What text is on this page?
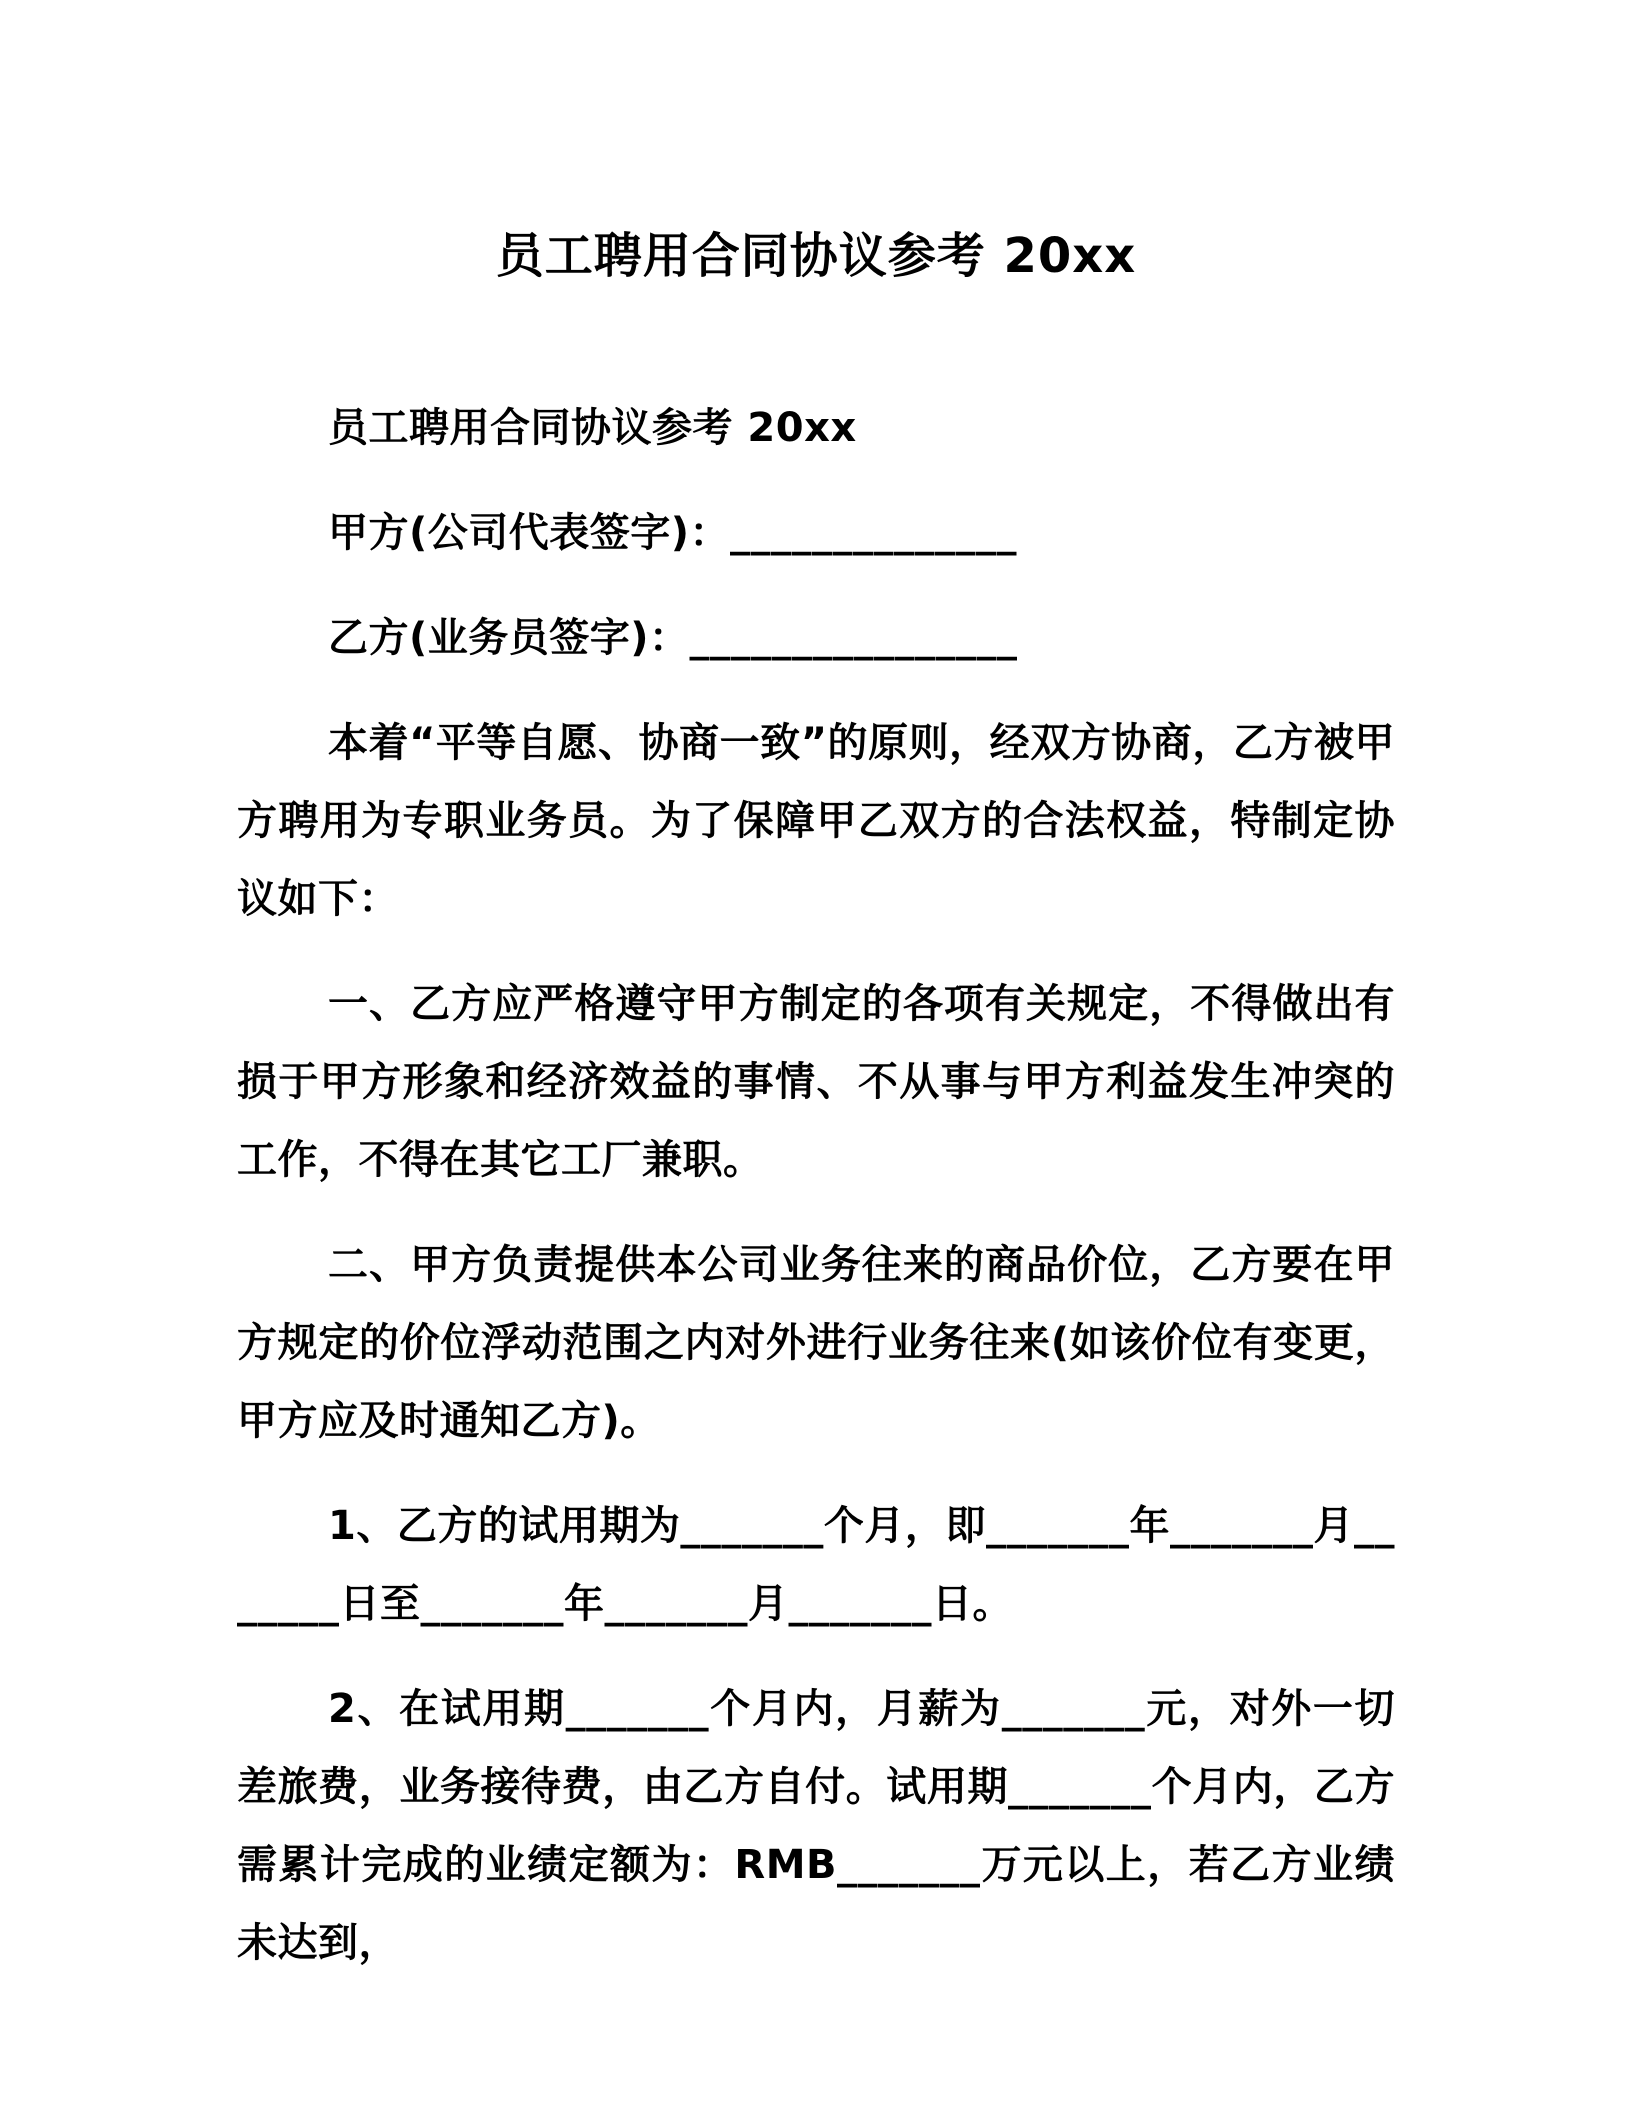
员工聘用合同协议参考 20xx

员工聘用合同协议参考 20xx

甲方(公司代表签字)：______________

乙方(业务员签字)：________________

本着“平等自愿、协商一致”的原则，经双方协商，乙方被甲方聘用为专职业务员。为了保障甲乙双方的合法权益，特制定协议如下：

一、乙方应严格遵守甲方制定的各项有关规定，不得做出有损于甲方形象和经济效益的事情、不从事与甲方利益发生冲突的工作，不得在其它工厂兼职。

二、甲方负责提供本公司业务往来的商品价位，乙方要在甲方规定的价位浮动范围之内对外进行业务往来(如该价位有变更，甲方应及时通知乙方)。

1、乙方的试用期为_______个月，即_______年_______月_______日至_______年_______月_______日。

2、在试用期_______个月内，月薪为_______元，对外一切差旅费，业务接待费，由乙方自付。试用期_______个月内，乙方需累计完成的业绩定额为：RMB_______万元以上，若乙方业绩未达到，
